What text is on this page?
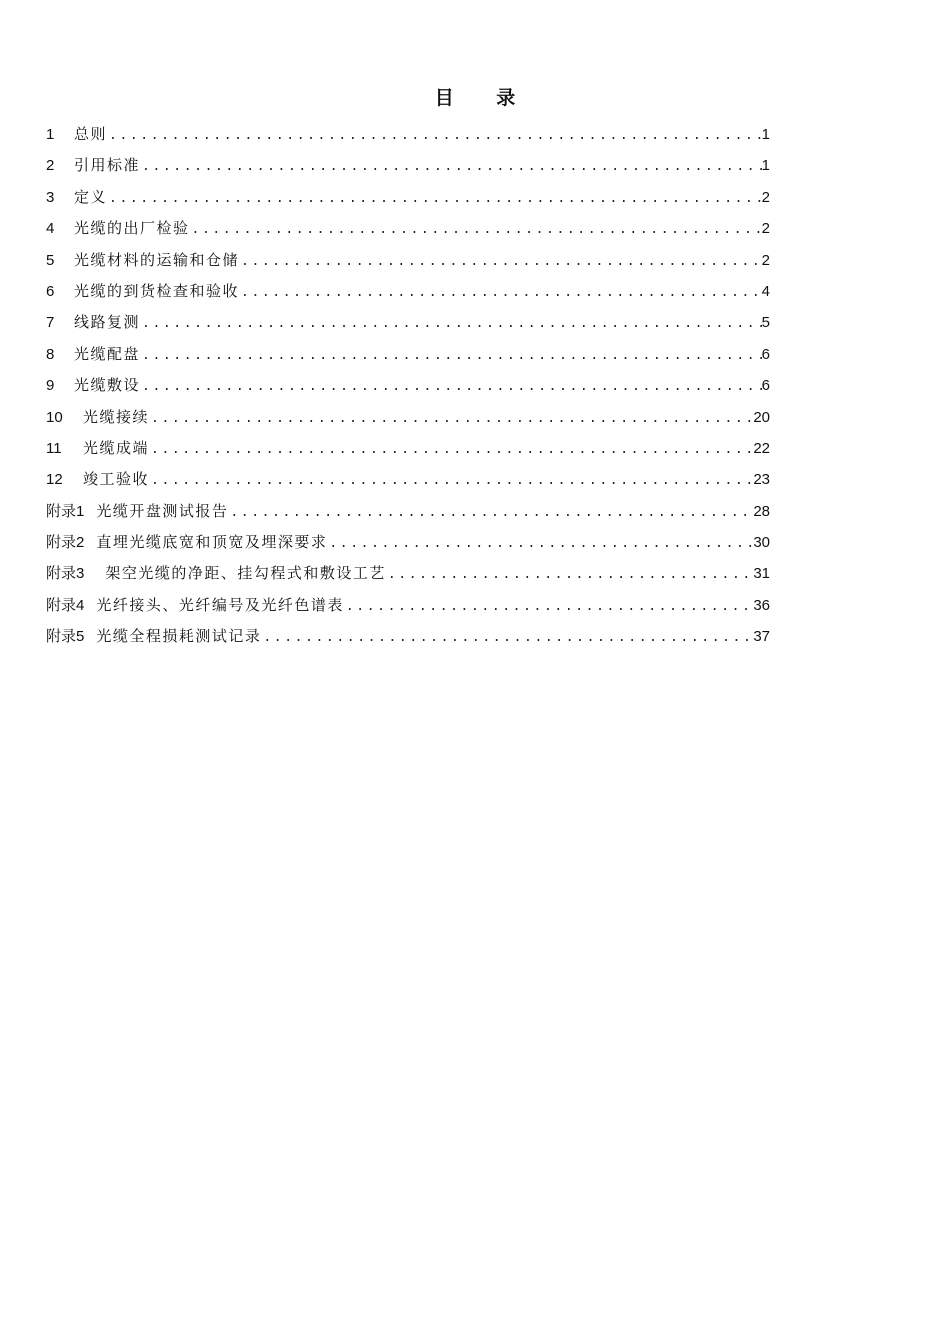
目 录
1	总则 .....	1
2	引用标准 .....	1
3	定义 .....	2
4	光缆的出厂检验 .....	2
5	光缆材料的运输和仓储 .....	2
6	光缆的到货检查和验收 .....	4
7	线路复测 .....	5
8	光缆配盘 .....	6
9	光缆敷设 .....	6
10	光缆接续 .....	20
11	光缆成端 .....	22
12	竣工验收 .....	23
附录1 光缆开盘测试报告 .....	28
附录2 直埋光缆底宽和顶宽及埋深要求 .....	30
附录3 架空光缆的净距、挂勾程式和敷设工艺 .....	31
附录4 光纤接头、光纤编号及光纤色谱表 .....	36
附录5 光缆全程损耗测试记录 .....	37
